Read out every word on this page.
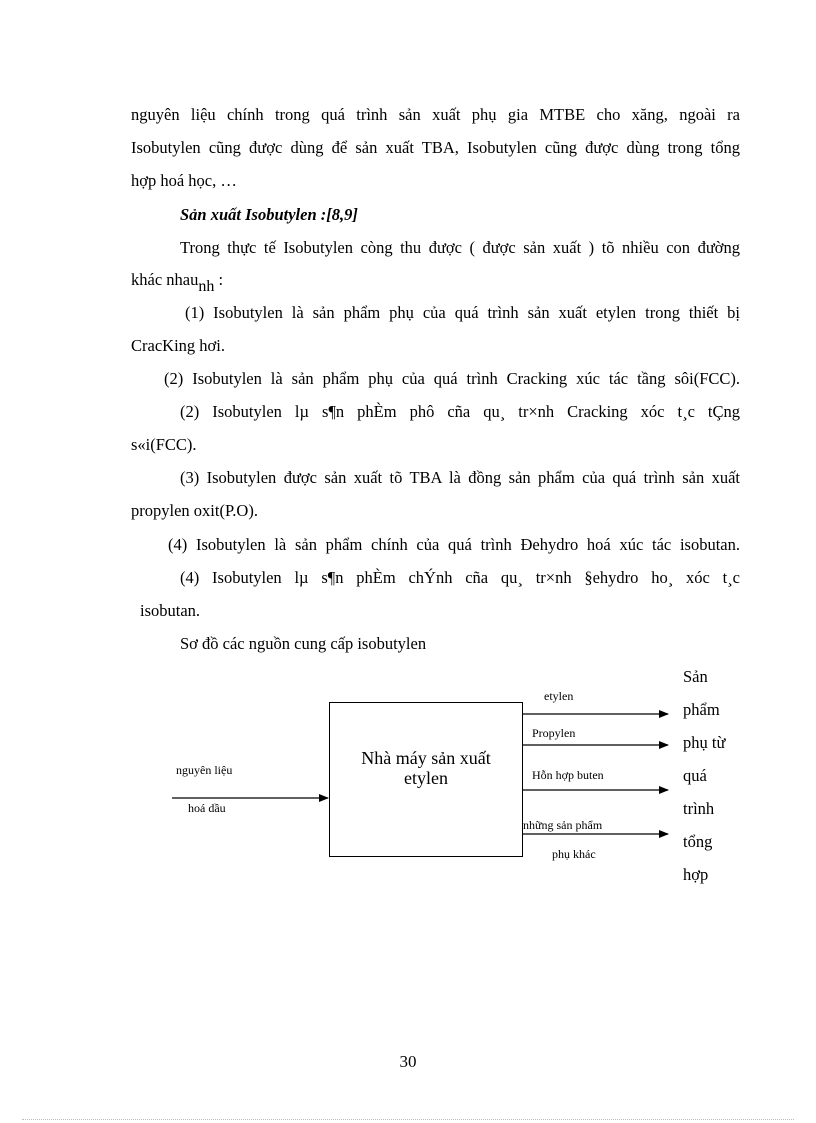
nguyên liệu chính trong quá trình sản xuất phụ gia MTBE cho xăng, ngoài ra
Isobutylen cũng được dùng để sản xuất TBA, Isobutylen cũng được dùng trong tổng
hợp hoá học, …
Sản xuất Isobutylen :[8,9]
Trong thực tế Isobutylen còng thu được ( được sản xuất ) tõ nhiều con đường
khác nhaunh :
(1) Isobutylen là sản phẩm phụ của quá trình sản xuất etylen trong thiết bị
CracKing hơi.
(2) Isobutylen là sản phẩm phụ của quá trình Cracking xúc tác tầng sôi(FCC).
(2) Isobutylen lµ s¶n phÈm phô cña qu¸ tr×nh Cracking xóc t¸c tÇng
s«i(FCC).
(3) Isobutylen được sản xuất tõ TBA là đồng sản phẩm của quá trình sản xuất
propylen oxit(P.O).
(4) Isobutylen là sản phẩm chính của quá trình Đehydro hoá xúc tác isobutan.
(4) Isobutylen lµ s¶n phÈm chÝnh cña qu¸ tr×nh §ehydro ho¸ xóc t¸c
isobutan.
Sơ đồ các nguồn cung cấp isobutylen
nguyên liệu
hoá dầu
Nhà máy sản xuất
etylen
etylen
Propylen
Hỗn hợp buten
những sản phẩm
phụ khác
Sản
phẩm
phụ từ
quá
trình
tổng
hợp
30
